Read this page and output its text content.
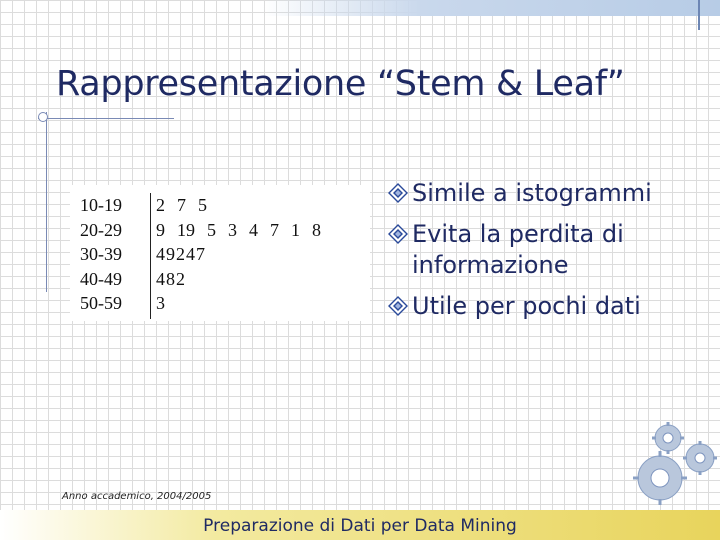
Rappresentazione “Stem & Leaf”
10-19
20-29
30-39
40-49
50-59
2 7 5
9 19 5 3 4 7 1 8
49247
482
3
Simile a istogrammi
Evita la perdita di informazione
Utile per pochi dati
Anno accademico, 2004/2005
Preparazione di Dati per Data Mining
